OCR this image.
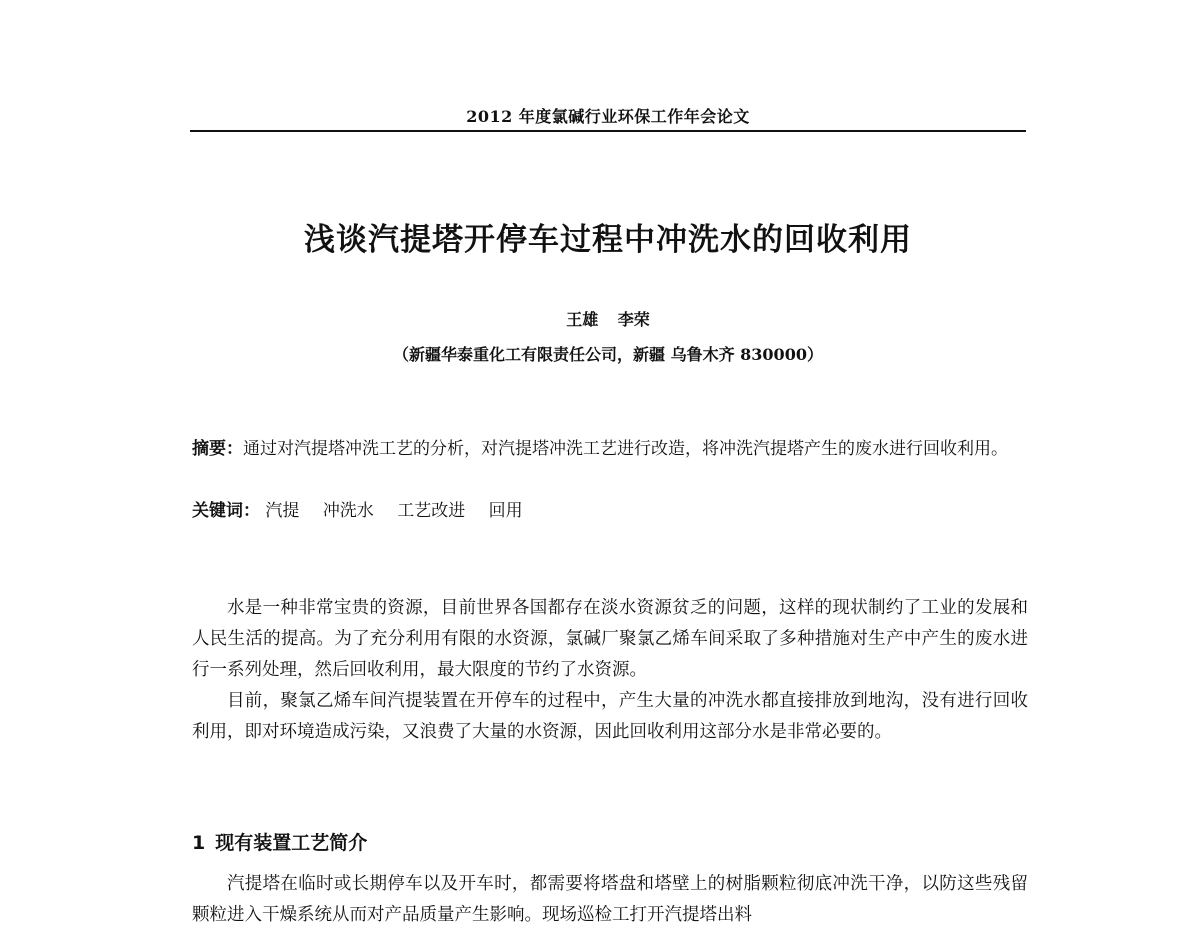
2012 年度氯碱行业环保工作年会论文
浅谈汽提塔开停车过程中冲洗水的回收利用
王雄 李荣
（新疆华泰重化工有限责任公司，新疆 乌鲁木齐 830000）
摘要：通过对汽提塔冲洗工艺的分析，对汽提塔冲洗工艺进行改造，将冲洗汽提塔产生的废水进行回收利用。
关键词： 汽提 冲洗水 工艺改进 回用
水是一种非常宝贵的资源，目前世界各国都存在淡水资源贫乏的问题，这样的现状制约了工业的发展和人民生活的提高。为了充分利用有限的水资源，氯碱厂聚氯乙烯车间采取了多种措施对生产中产生的废水进行一系列处理，然后回收利用，最大限度的节约了水资源。
目前，聚氯乙烯车间汽提装置在开停车的过程中，产生大量的冲洗水都直接排放到地沟，没有进行回收利用，即对环境造成污染，又浪费了大量的水资源，因此回收利用这部分水是非常必要的。
1 现有装置工艺简介
汽提塔在临时或长期停车以及开车时，都需要将塔盘和塔壁上的树脂颗粒彻底冲洗干净，以防这些残留颗粒进入干燥系统从而对产品质量产生影响。现场巡检工打开汽提塔出料
